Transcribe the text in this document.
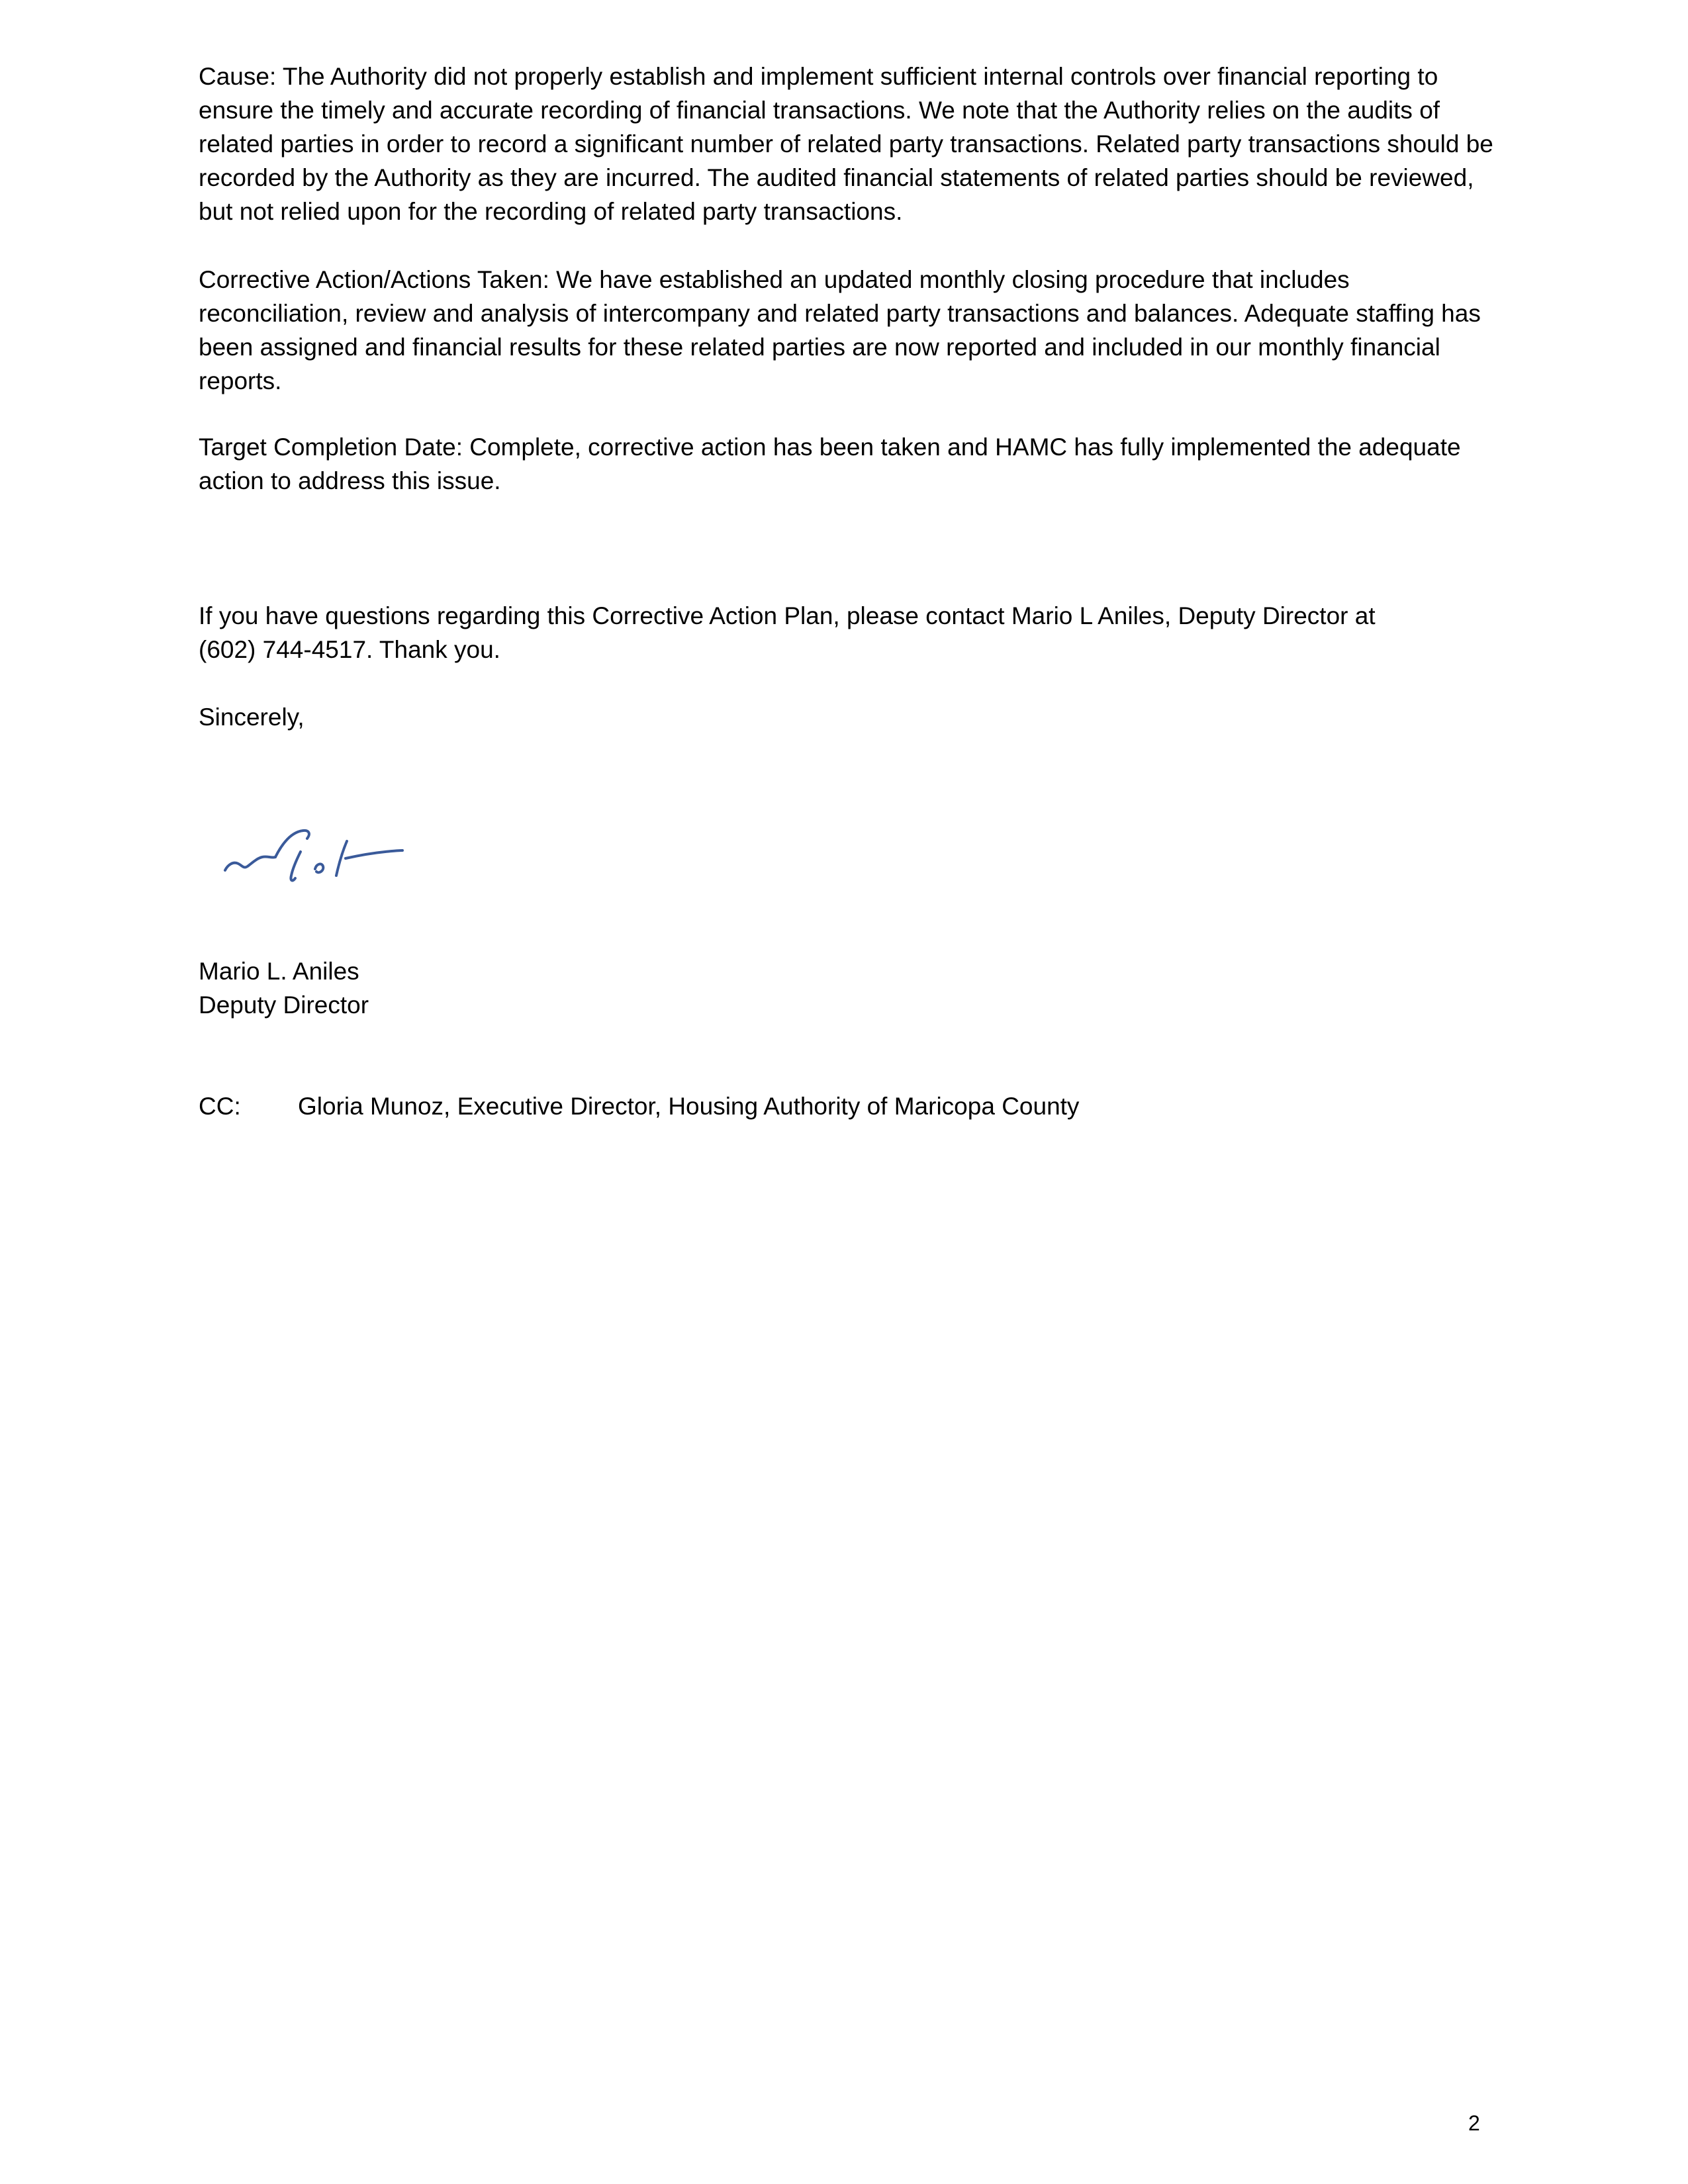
Cause: The Authority did not properly establish and implement sufficient internal controls over financial reporting to ensure the timely and accurate recording of financial transactions. We note that the Authority relies on the audits of related parties in order to record a significant number of related party transactions. Related party transactions should be recorded by the Authority as they are incurred. The audited financial statements of related parties should be reviewed, but not relied upon for the recording of related party transactions.

Corrective Action/Actions Taken: We have established an updated monthly closing procedure that includes reconciliation, review and analysis of intercompany and related party transactions and balances. Adequate staffing has been assigned and financial results for these related parties are now reported and included in our monthly financial reports.

Target Completion Date: Complete, corrective action has been taken and HAMC has fully implemented the adequate action to address this issue.

If you have questions regarding this Corrective Action Plan, please contact Mario L Aniles, Deputy Director at (602) 744-4517. Thank you.

Sincerely,

Mario L. Aniles

Deputy Director

CC:	Gloria Munoz, Executive Director, Housing Authority of Maricopa County
2
